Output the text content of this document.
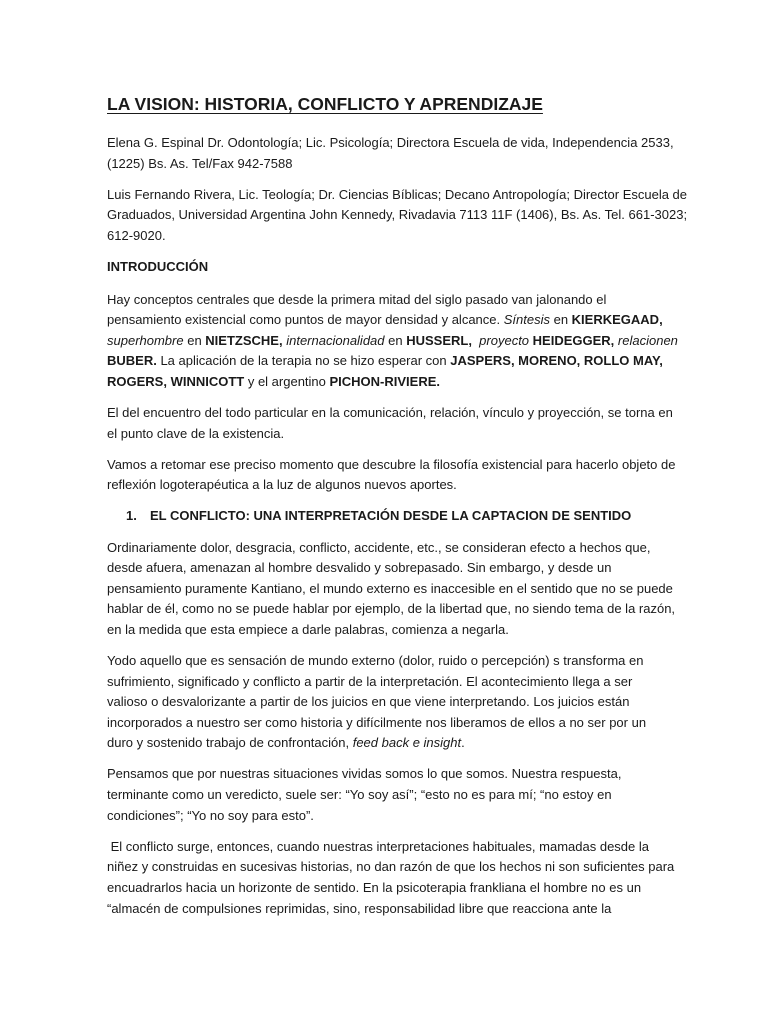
LA VISION: HISTORIA, CONFLICTO Y APRENDIZAJE
Elena G. Espinal Dr. Odontología; Lic. Psicología; Directora Escuela de vida, Independencia 2533,
(1225) Bs. As. Tel/Fax 942-7588
Luis Fernando Rivera, Lic. Teología; Dr. Ciencias Bíblicas; Decano Antropología; Director Escuela de
Graduados, Universidad Argentina John Kennedy, Rivadavia 7113 11F (1406), Bs. As. Tel. 661-3023;
612-9020.
INTRODUCCIÓN
Hay conceptos centrales que desde la primera mitad del siglo pasado van jalonando el
pensamiento existencial como puntos de mayor densidad y alcance. Síntesis en KIERKEGAAD,
superhombre en NIETZSCHE, internacionalidad en HUSSERL, proyecto HEIDEGGER, relacionen
BUBER. La aplicación de la terapia no se hizo esperar con JASPERS, MORENO, ROLLO MAY,
ROGERS, WINNICOTT y el argentino PICHON-RIVIERE.
El del encuentro del todo particular en la comunicación, relación, vínculo y proyección, se torna en
el punto clave de la existencia.
Vamos a retomar ese preciso momento que descubre la filosofía existencial para hacerlo objeto de
reflexión logoterapéutica a la luz de algunos nuevos aportes.
1. EL CONFLICTO: UNA INTERPRETACIÓN DESDE LA CAPTACION DE SENTIDO
Ordinariamente dolor, desgracia, conflicto, accidente, etc., se consideran efecto a hechos que,
desde afuera, amenazan al hombre desvalido y sobrepasado. Sin embargo, y desde un
pensamiento puramente Kantiano, el mundo externo es inaccesible en el sentido que no se puede
hablar de él, como no se puede hablar por ejemplo, de la libertad que, no siendo tema de la razón,
en la medida que esta empiece a darle palabras, comienza a negarla.
Yodo aquello que es sensación de mundo externo (dolor, ruido o percepción) s transforma en
sufrimiento, significado y conflicto a partir de la interpretación. El acontecimiento llega a ser
valioso o desvalorizante a partir de los juicios en que viene interpretando. Los juicios están
incorporados a nuestro ser como historia y difícilmente nos liberamos de ellos a no ser por un
duro y sostenido trabajo de confrontación, feed back e insight.
Pensamos que por nuestras situaciones vividas somos lo que somos. Nuestra respuesta,
terminante como un veredicto, suele ser: “Yo soy así”; “esto no es para mí; “no estoy en
condiciones”; “Yo no soy para esto”.
El conflicto surge, entonces, cuando nuestras interpretaciones habituales, mamadas desde la
niñez y construidas en sucesivas historias, no dan razón de que los hechos ni son suficientes para
encuadrarlos hacia un horizonte de sentido. En la psicoterapia frankliana el hombre no es un
“almacén de compulsiones reprimidas, sino, responsabilidad libre que reacciona ante la
